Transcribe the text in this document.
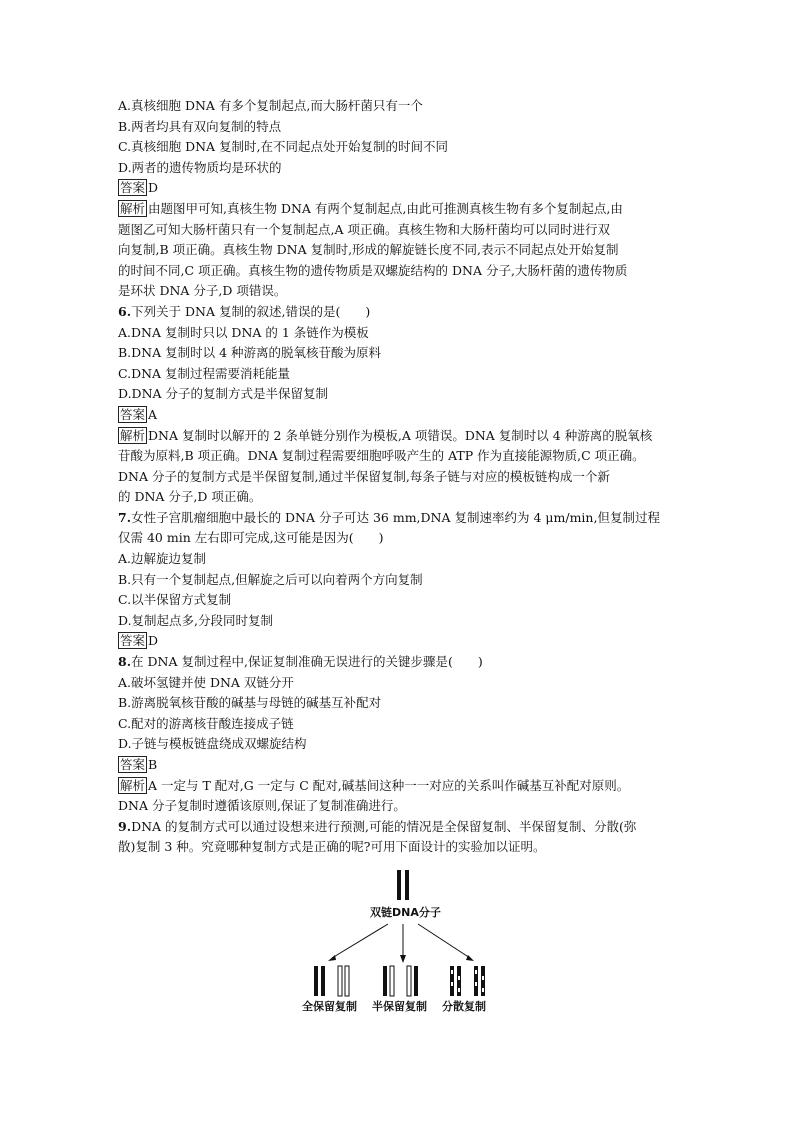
A.真核细胞 DNA 有多个复制起点,而大肠杆菌只有一个
B.两者均具有双向复制的特点
C.真核细胞 DNA 复制时,在不同起点处开始复制的时间不同
D.两者的遗传物质均是环状的
答案 D
解析 由题图甲可知,真核生物 DNA 有两个复制起点,由此可推测真核生物有多个复制起点,由
题图乙可知大肠杆菌只有一个复制起点,A 项正确。真核生物和大肠杆菌均可以同时进行双
向复制,B 项正确。真核生物 DNA 复制时,形成的解旋链长度不同,表示不同起点处开始复制
的时间不同,C 项正确。真核生物的遗传物质是双螺旋结构的 DNA 分子,大肠杆菌的遗传物质
是环状 DNA 分子,D 项错误。
6.下列关于 DNA 复制的叙述,错误的是(　　)
A.DNA 复制时只以 DNA 的 1 条链作为模板
B.DNA 复制时以 4 种游离的脱氧核苷酸为原料
C.DNA 复制过程需要消耗能量
D.DNA 分子的复制方式是半保留复制
答案 A
解析 DNA 复制时以解开的 2 条单链分别作为模板,A 项错误。DNA 复制时以 4 种游离的脱氧核
苷酸为原料,B 项正确。DNA 复制过程需要细胞呼吸产生的 ATP 作为直接能源物质,C 项正确。
DNA 分子的复制方式是半保留复制,通过半保留复制,每条子链与对应的模板链构成一个新
的 DNA 分子,D 项正确。
7.女性子宫肌瘤细胞中最长的 DNA 分子可达 36 mm,DNA 复制速率约为 4 μm/min,但复制过程
仅需 40 min 左右即可完成,这可能是因为(　　)
A.边解旋边复制
B.只有一个复制起点,但解旋之后可以向着两个方向复制
C.以半保留方式复制
D.复制起点多,分段同时复制
答案 D
8.在 DNA 复制过程中,保证复制准确无误进行的关键步骤是(　　)
A.破坏氢键并使 DNA 双链分开
B.游离脱氧核苷酸的碱基与母链的碱基互补配对
C.配对的游离核苷酸连接成子链
D.子链与模板链盘绕成双螺旋结构
答案 B
解析 A 一定与 T 配对,G 一定与 C 配对,碱基间这种一一对应的关系叫作碱基互补配对原则。
DNA 分子复制时遵循该原则,保证了复制准确进行。
9.DNA 的复制方式可以通过设想来进行预测,可能的情况是全保留复制、半保留复制、分散(弥
散)复制 3 种。究竟哪种复制方式是正确的呢?可用下面设计的实验加以证明。
双链DNA分子
全保留复制 半保留复制 分散复制
